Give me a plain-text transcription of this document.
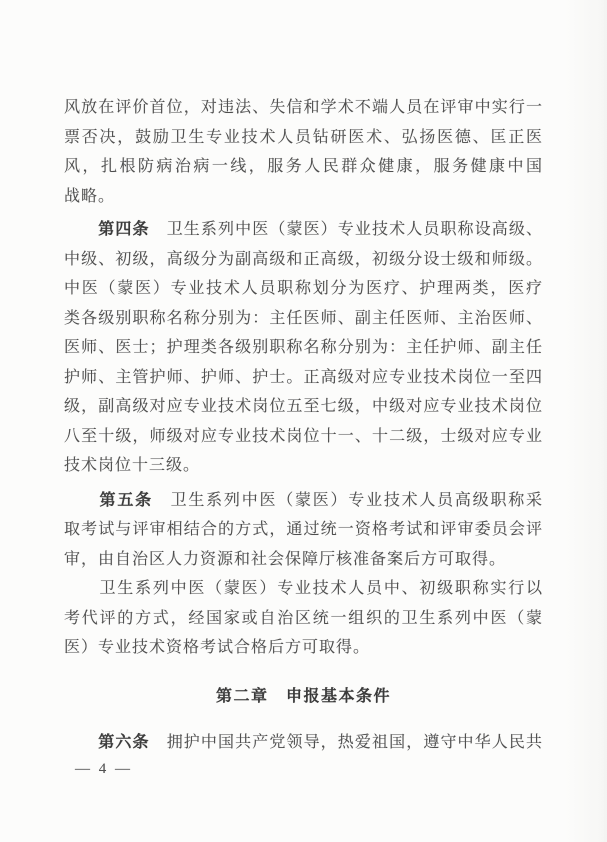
风放在评价首位，对违法、失信和学术不端人员在评审中实行一
票否决，鼓励卫生专业技术人员钻研医术、弘扬医德、匡正医
风，扎根防病治病一线，服务人民群众健康，服务健康中国
战略。
　　第四条　卫生系列中医（蒙医）专业技术人员职称设高级、
中级、初级，高级分为副高级和正高级，初级分设士级和师级。
中医（蒙医）专业技术人员职称划分为医疗、护理两类，医疗
类各级别职称名称分别为：主任医师、副主任医师、主治医师、
医师、医士；护理类各级别职称名称分别为：主任护师、副主任
护师、主管护师、护师、护士。正高级对应专业技术岗位一至四
级，副高级对应专业技术岗位五至七级，中级对应专业技术岗位
八至十级，师级对应专业技术岗位十一、十二级，士级对应专业
技术岗位十三级。
　　第五条　卫生系列中医（蒙医）专业技术人员高级职称采
取考试与评审相结合的方式，通过统一资格考试和评审委员会评
审，由自治区人力资源和社会保障厅核准备案后方可取得。
　　卫生系列中医（蒙医）专业技术人员中、初级职称实行以
考代评的方式，经国家或自治区统一组织的卫生系列中医（蒙
医）专业技术资格考试合格后方可取得。
第二章　申报基本条件
　　第六条　拥护中国共产党领导，热爱祖国，遵守中华人民共
— 4 —
